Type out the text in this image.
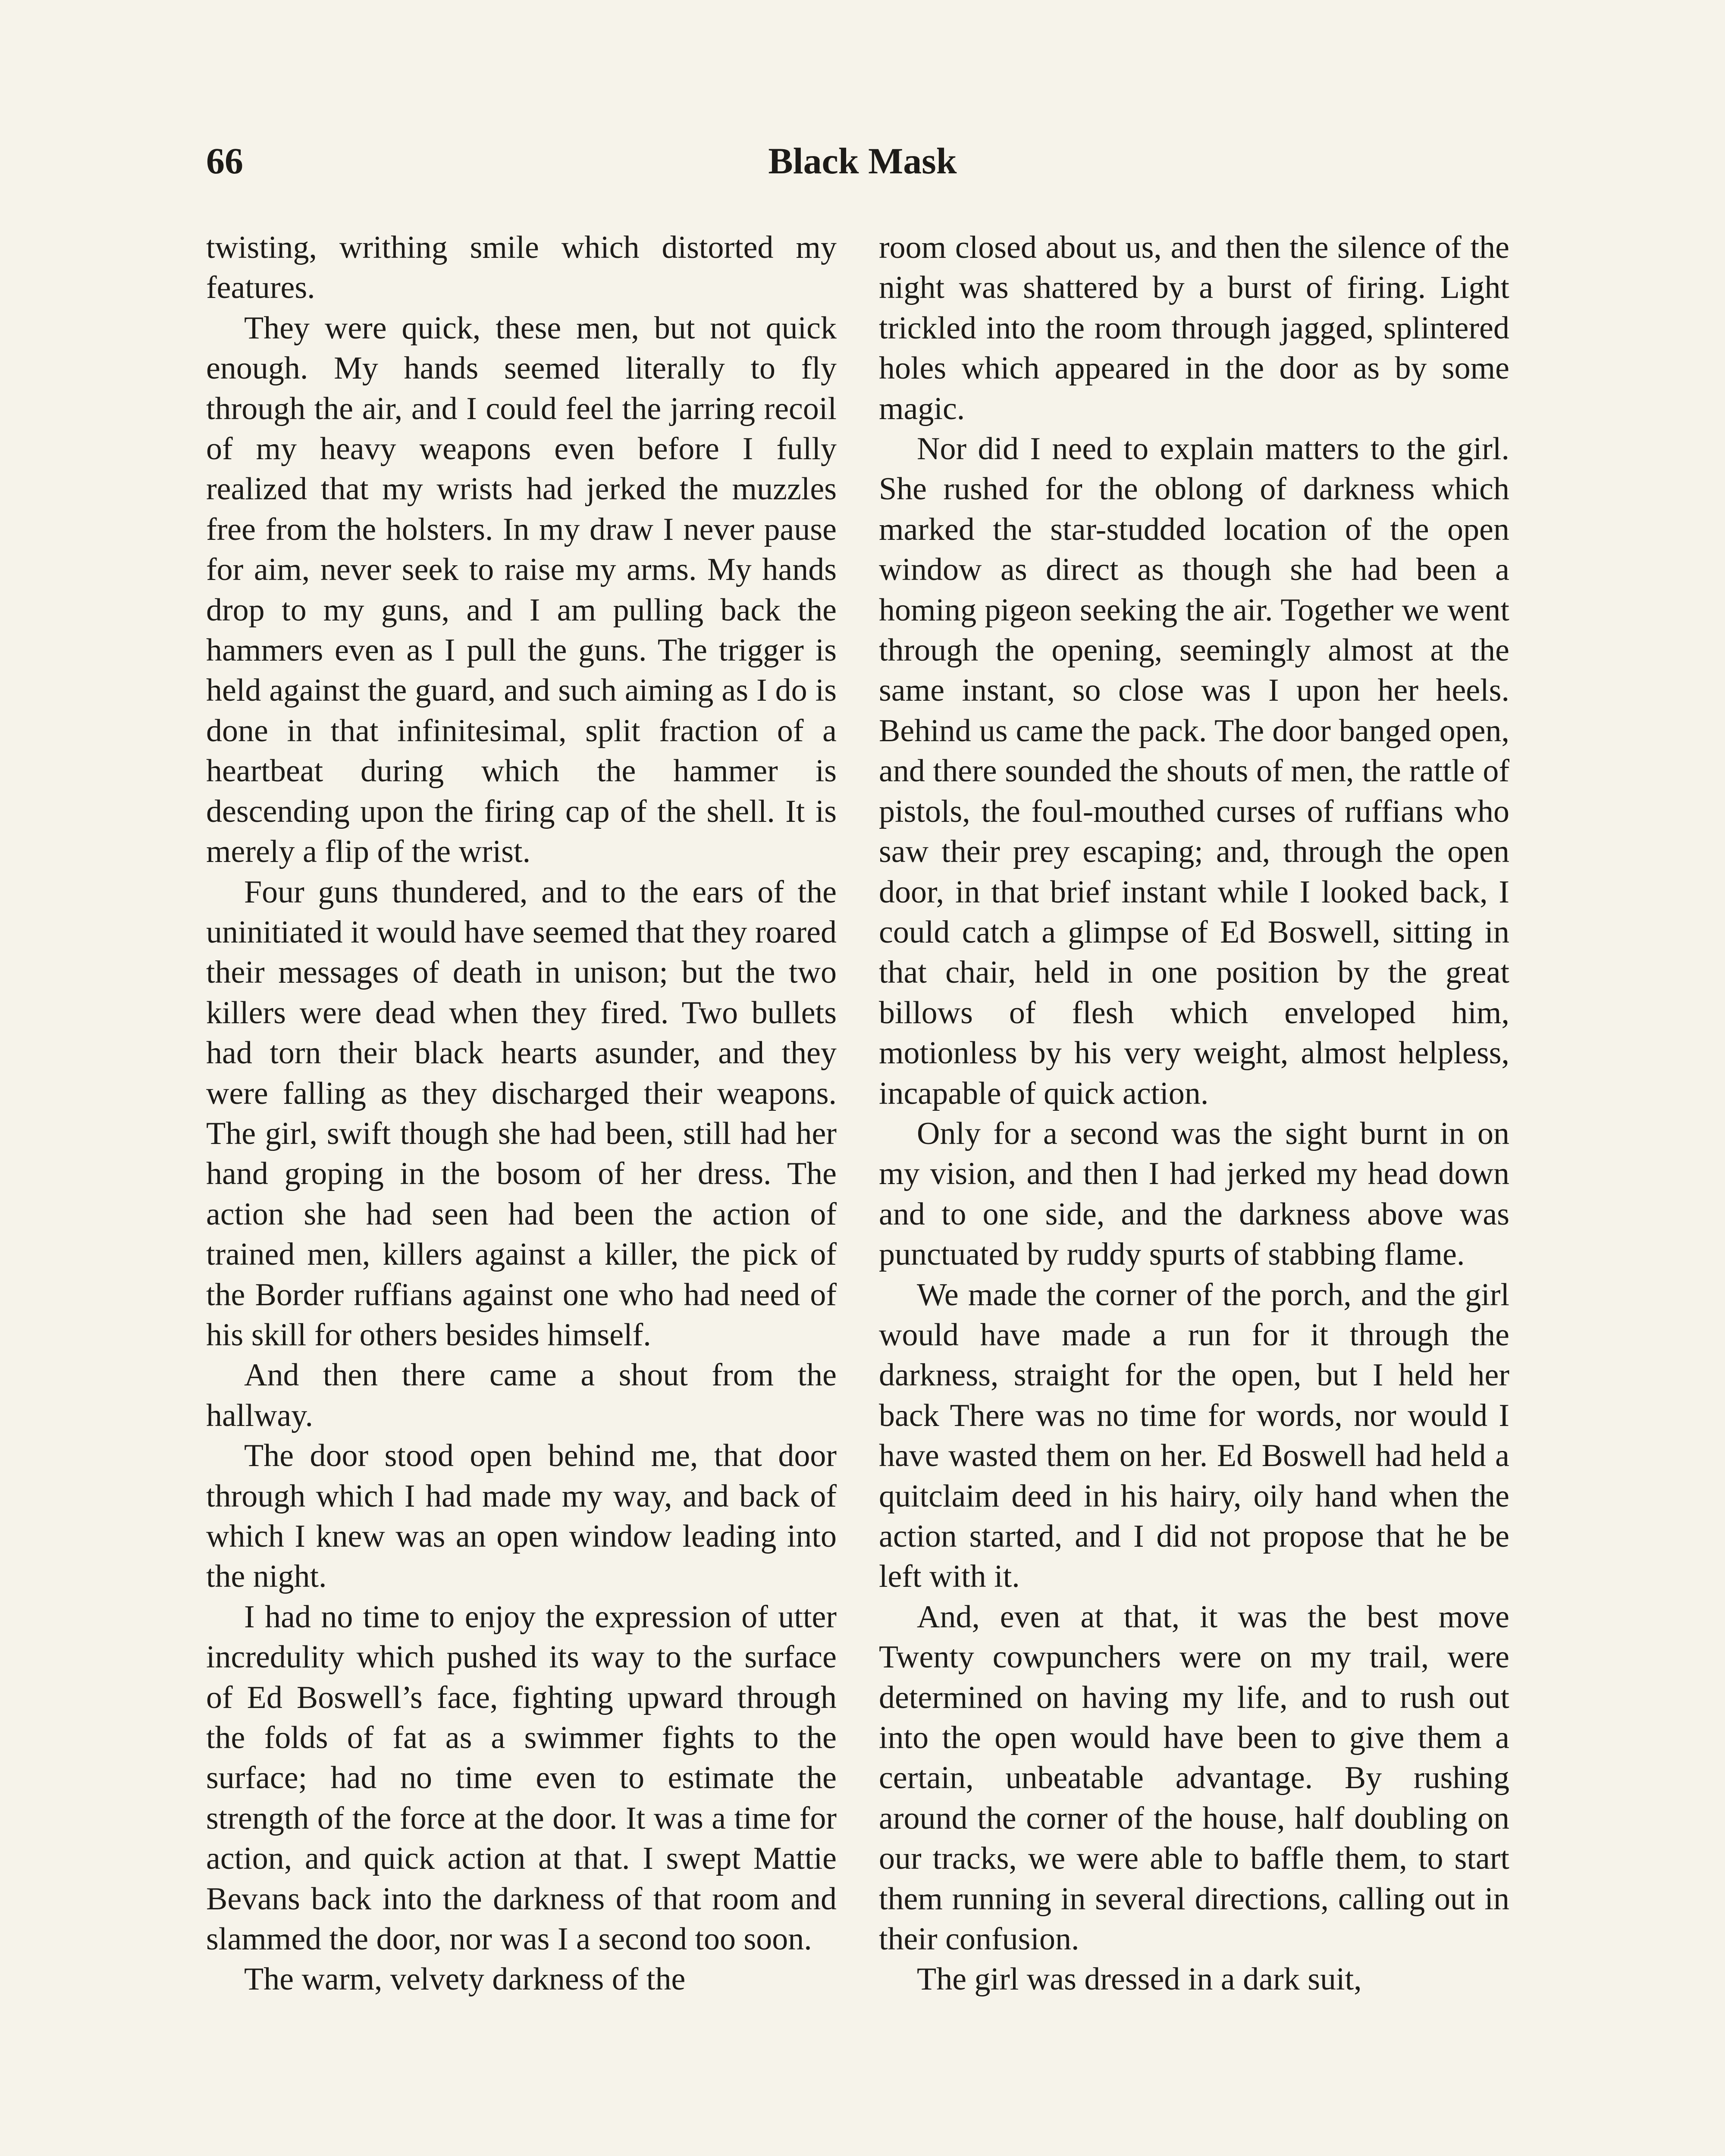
66	Black Mask

twisting, writhing smile which distorted my features.

They were quick, these men, but not quick enough. My hands seemed literally to fly through the air, and I could feel the jarring recoil of my heavy weapons even before I fully realized that my wrists had jerked the muzzles free from the holsters. In my draw I never pause for aim, never seek to raise my arms. My hands drop to my guns, and I am pulling back the hammers even as I pull the guns. The trigger is held against the guard, and such aiming as I do is done in that infinitesimal, split fraction of a heartbeat during which the hammer is descending upon the firing cap of the shell. It is merely a flip of the wrist.

Four guns thundered, and to the ears of the uninitiated it would have seemed that they roared their messages of death in unison; but the two killers were dead when they fired. Two bullets had torn their black hearts asunder, and they were falling as they discharged their weapons. The girl, swift though she had been, still had her hand groping in the bosom of her dress. The action she had seen had been the action of trained men, killers against a killer, the pick of the Border ruffians against one who had need of his skill for others besides himself.

And then there came a shout from the hallway.

The door stood open behind me, that door through which I had made my way, and back of which I knew was an open window leading into the night.

I had no time to enjoy the expression of utter incredulity which pushed its way to the surface of Ed Boswell’s face, fighting upward through the folds of fat as a swimmer fights to the surface; had no time even to estimate the strength of the force at the door. It was a time for action, and quick action at that. I swept Mattie Bevans back into the darkness of that room and slammed the door, nor was I a second too soon.

The warm, velvety darkness of the

room closed about us, and then the silence of the night was shattered by a burst of firing. Light trickled into the room through jagged, splintered holes which appeared in the door as by some magic.

Nor did I need to explain matters to the girl. She rushed for the oblong of darkness which marked the star-studded location of the open window as direct as though she had been a homing pigeon seeking the air. Together we went through the opening, seemingly almost at the same instant, so close was I upon her heels. Behind us came the pack. The door banged open, and there sounded the shouts of men, the rattle of pistols, the foul-mouthed curses of ruffians who saw their prey escaping; and, through the open door, in that brief instant while I looked back, I could catch a glimpse of Ed Boswell, sitting in that chair, held in one position by the great billows of flesh which enveloped him, motionless by his very weight, almost helpless, incapable of quick action.

Only for a second was the sight burnt in on my vision, and then I had jerked my head down and to one side, and the darkness above was punctuated by ruddy spurts of stabbing flame.

We made the corner of the porch, and the girl would have made a run for it through the darkness, straight for the open, but I held her back There was no time for words, nor would I have wasted them on her. Ed Boswell had held a quitclaim deed in his hairy, oily hand when the action started, and I did not propose that he be left with it.

And, even at that, it was the best move Twenty cowpunchers were on my trail, were determined on having my life, and to rush out into the open would have been to give them a certain, unbeatable advantage. By rushing around the corner of the house, half doubling on our tracks, we were able to baffle them, to start them running in several directions, calling out in their confusion.

The girl was dressed in a dark suit,
